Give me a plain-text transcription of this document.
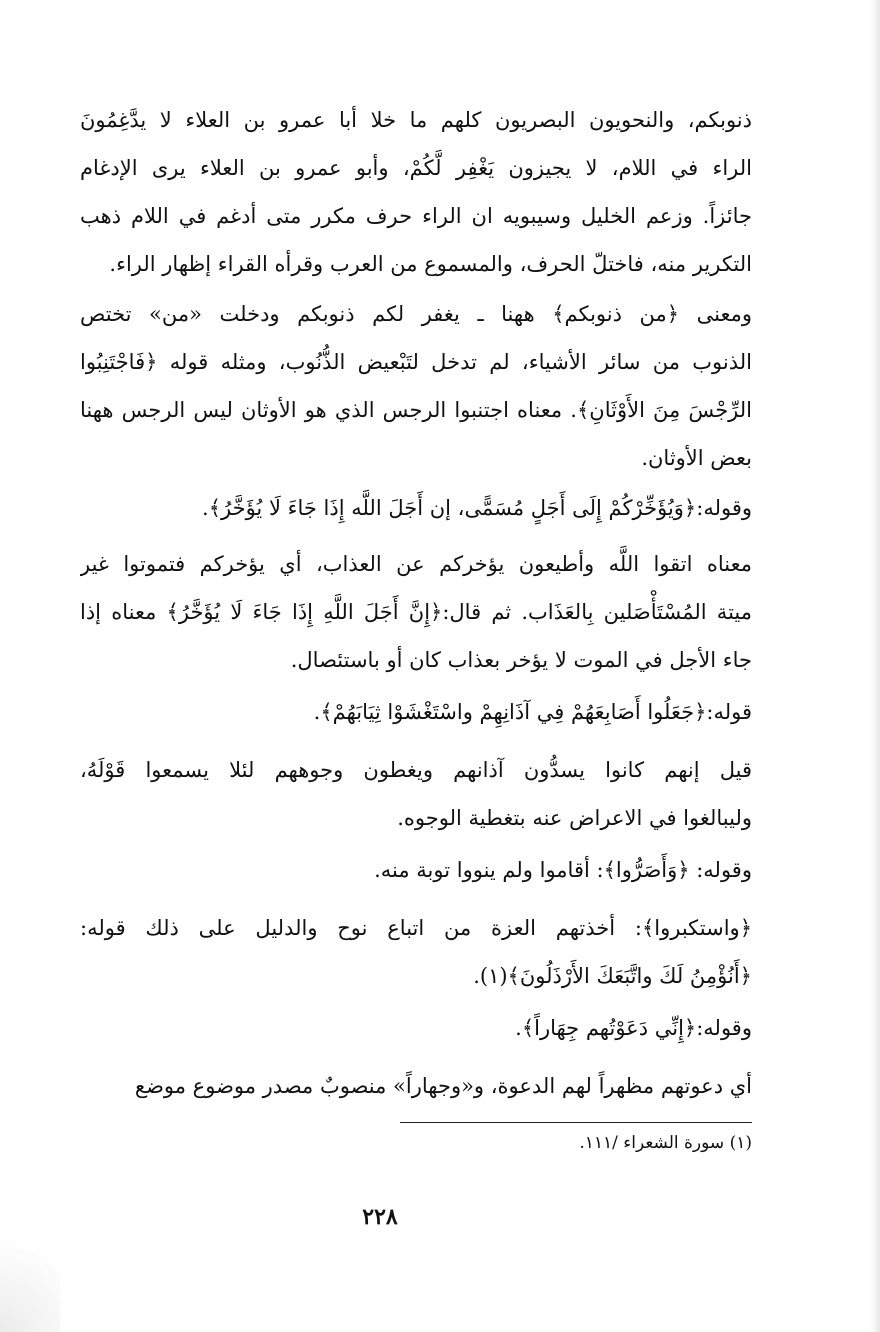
ذنوبكم، والنحويون البصريون كلهم ما خلا أبا عمرو بن العلاء لا يدَّغِمُونَ
الراء في اللام، لا يجيزون يَغْفِر لَّكُمْ، وأبو عمرو بن العلاء يرى الإدغام
جائزاً. وزعم الخليل وسيبويه ان الراء حرف مكرر متى أدغم في اللام ذهب
التكرير منه، فاختلّ الحرف، والمسموع من العرب وقرأه القراء إظهار الراء.
ومعنى ﴿من ذنوبكم﴾ ههنا ـ يغفر لكم ذنوبكم ودخلت «من» تختص
الذنوب من سائر الأشياء، لم تدخل لتَبْعيض الذُّنُوب، ومثله قوله ﴿فَاجْتَنِبُوا
الرِّجْسَ مِنَ الأَوْثَانِ﴾. معناه اجتنبوا الرجس الذي هو الأوثان ليس الرجس ههنا
بعض الأوثان.
وقوله:﴿وَيُؤَخِّرْكُمْ إِلَى أَجَلٍ مُسَمًّى، إن أَجَلَ اللَّه إِذَا جَاءَ لَا يُؤَخَّرُ﴾.
معناه اتقوا اللَّه وأطيعون يؤخركم عن العذاب، أي يؤخركم فتموتوا غير
ميتة المُسْتَأْصَلين بِالعَذَاب. ثم قال:﴿إِنَّ أَجَلَ اللَّهِ إِذَا جَاءَ لَا يُؤَخَّرُ﴾ معناه إذا
جاء الأجل في الموت لا يؤخر بعذاب كان أو باستئصال.
قوله:﴿جَعَلُوا أَصَابِعَهُمْ فِي آذَانِهِمْ واسْتَغْشَوْا ثِيَابَهُمْ﴾.
قيل إنهم كانوا يسدُّون آذانهم ويغطون وجوههم لئلا يسمعوا قَوْلَهُ،
وليبالغوا في الاعراض عنه بتغطية الوجوه.
وقوله: ﴿وَأَصَرُّوا﴾: أقاموا ولم ينووا توبة منه.
﴿واستكبروا﴾: أخذتهم العزة من اتباع نوح والدليل على ذلك قوله:
﴿أَنُؤْمِنُ لَكَ واتَّبَعَكَ الأَرْذَلُونَ﴾(١).
وقوله:﴿إِنِّي دَعَوْتُهم جِهَاراً﴾.
أي دعوتهم مظهراً لهم الدعوة، و«وجهاراً» منصوبٌ مصدر موضوع موضع
(١) سورة الشعراء /١١١.
٢٢٨
